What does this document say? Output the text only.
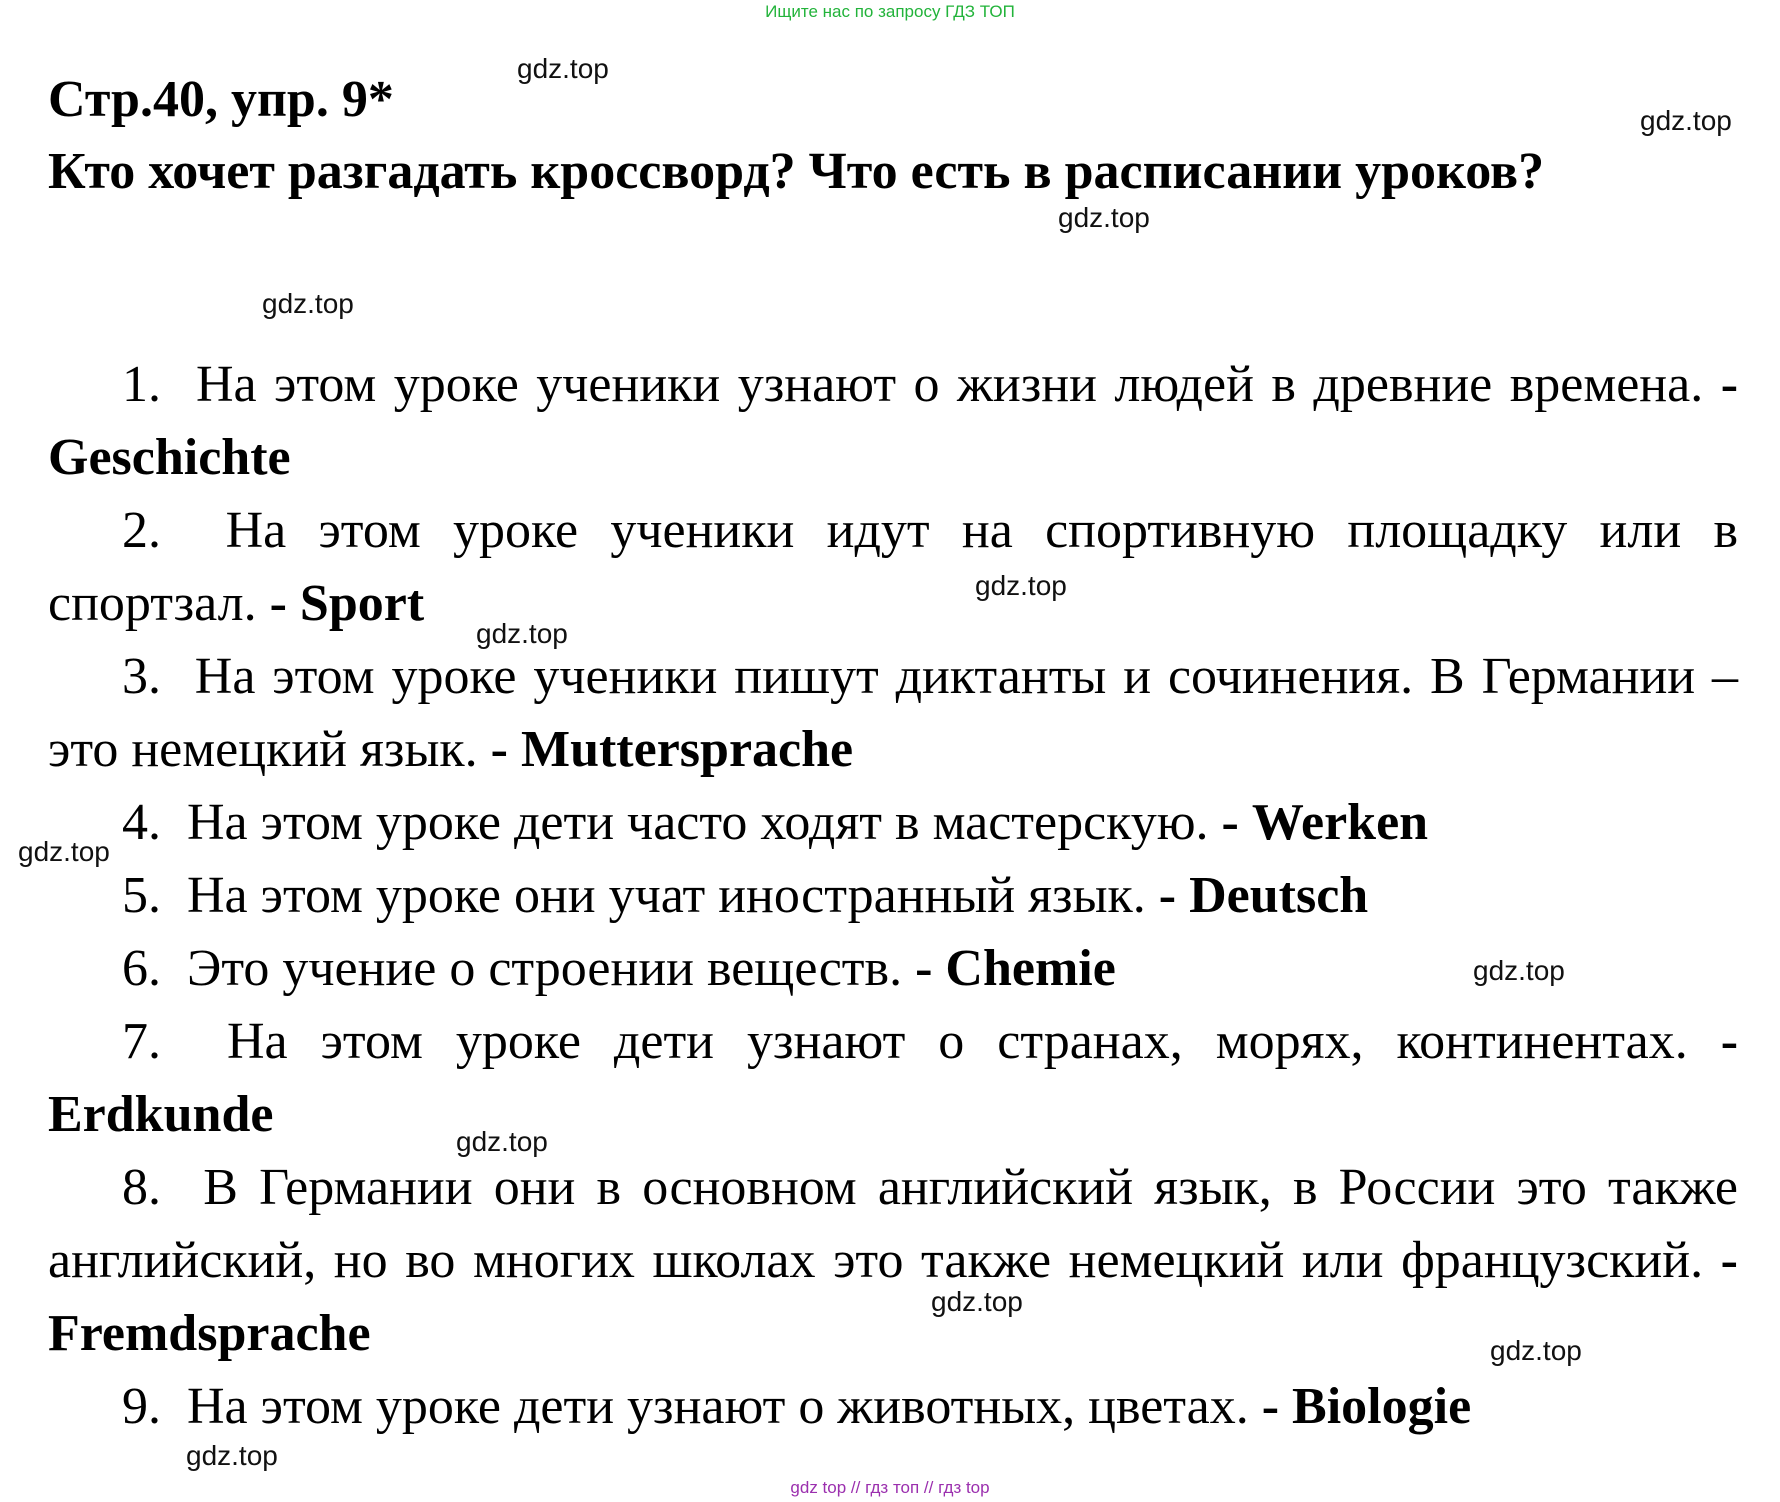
Ищите нас по запросу ГДЗ ТОП
Стр.40, упр. 9*
Кто хочет разгадать кроссворд? Что есть в расписании уроков?
1. На этом уроке ученики узнают о жизни людей в древние времена. - Geschichte
2. На этом уроке ученики идут на спортивную площадку или в спортзал. - Sport
3. На этом уроке ученики пишут диктанты и сочинения. В Германии – это немецкий язык. - Muttersprache
4. На этом уроке дети часто ходят в мастерскую. - Werken
5. На этом уроке они учат иностранный язык. - Deutsch
6. Это учение о строении веществ. - Chemie
7. На этом уроке дети узнают о странах, морях, континентах. - Erdkunde
8. В Германии они в основном английский язык, в России это также английский, но во многих школах это также немецкий или французский. - Fremdsprache
9. На этом уроке дети узнают о животных, цветах. - Biologie
gdz.top
gdz.top
gdz.top
gdz.top
gdz.top
gdz.top
gdz.top
gdz.top
gdz.top
gdz.top
gdz.top
gdz.top
gdz top // гдз топ // гдз top
